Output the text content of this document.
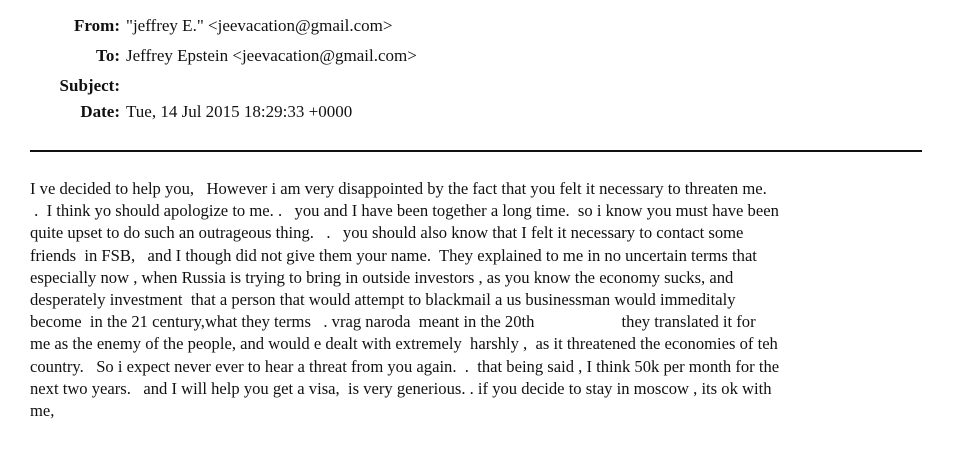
From: "jeffrey E." <jeevacation@gmail.com>
To: Jeffrey Epstein <jeevacation@gmail.com>
Subject:
Date: Tue, 14 Jul 2015 18:29:33 +0000
I ve decided to help you,   However i am very disappointed by the fact that you felt it necessary to threaten me.
.  I think yo should apologize to me. .   you and I have been together a long time.  so i know you must have been
quite upset to do such an outrageous thing.   .   you should also know that I felt it necessary to contact some
friends  in FSB,   and I though did not give them your name.  They explained to me in no uncertain terms that
especially now , when Russia is trying to bring in outside investors , as you know the economy sucks, and
desperately investment  that a person that would attempt to blackmail a us businessman would immeditaly
become  in the 21 century,what they terms   . vrag naroda  meant in the 20th                     they translated it for
me as the enemy of the people, and would e dealt with extremely  harshly ,  as it threatened the economies of teh
country.   So i expect never ever to hear a threat from you again.  .  that being said , I think 50k per month for the
next two years.   and I will help you get a visa,  is very generious. . if you decide to stay in moscow , its ok with
me,
